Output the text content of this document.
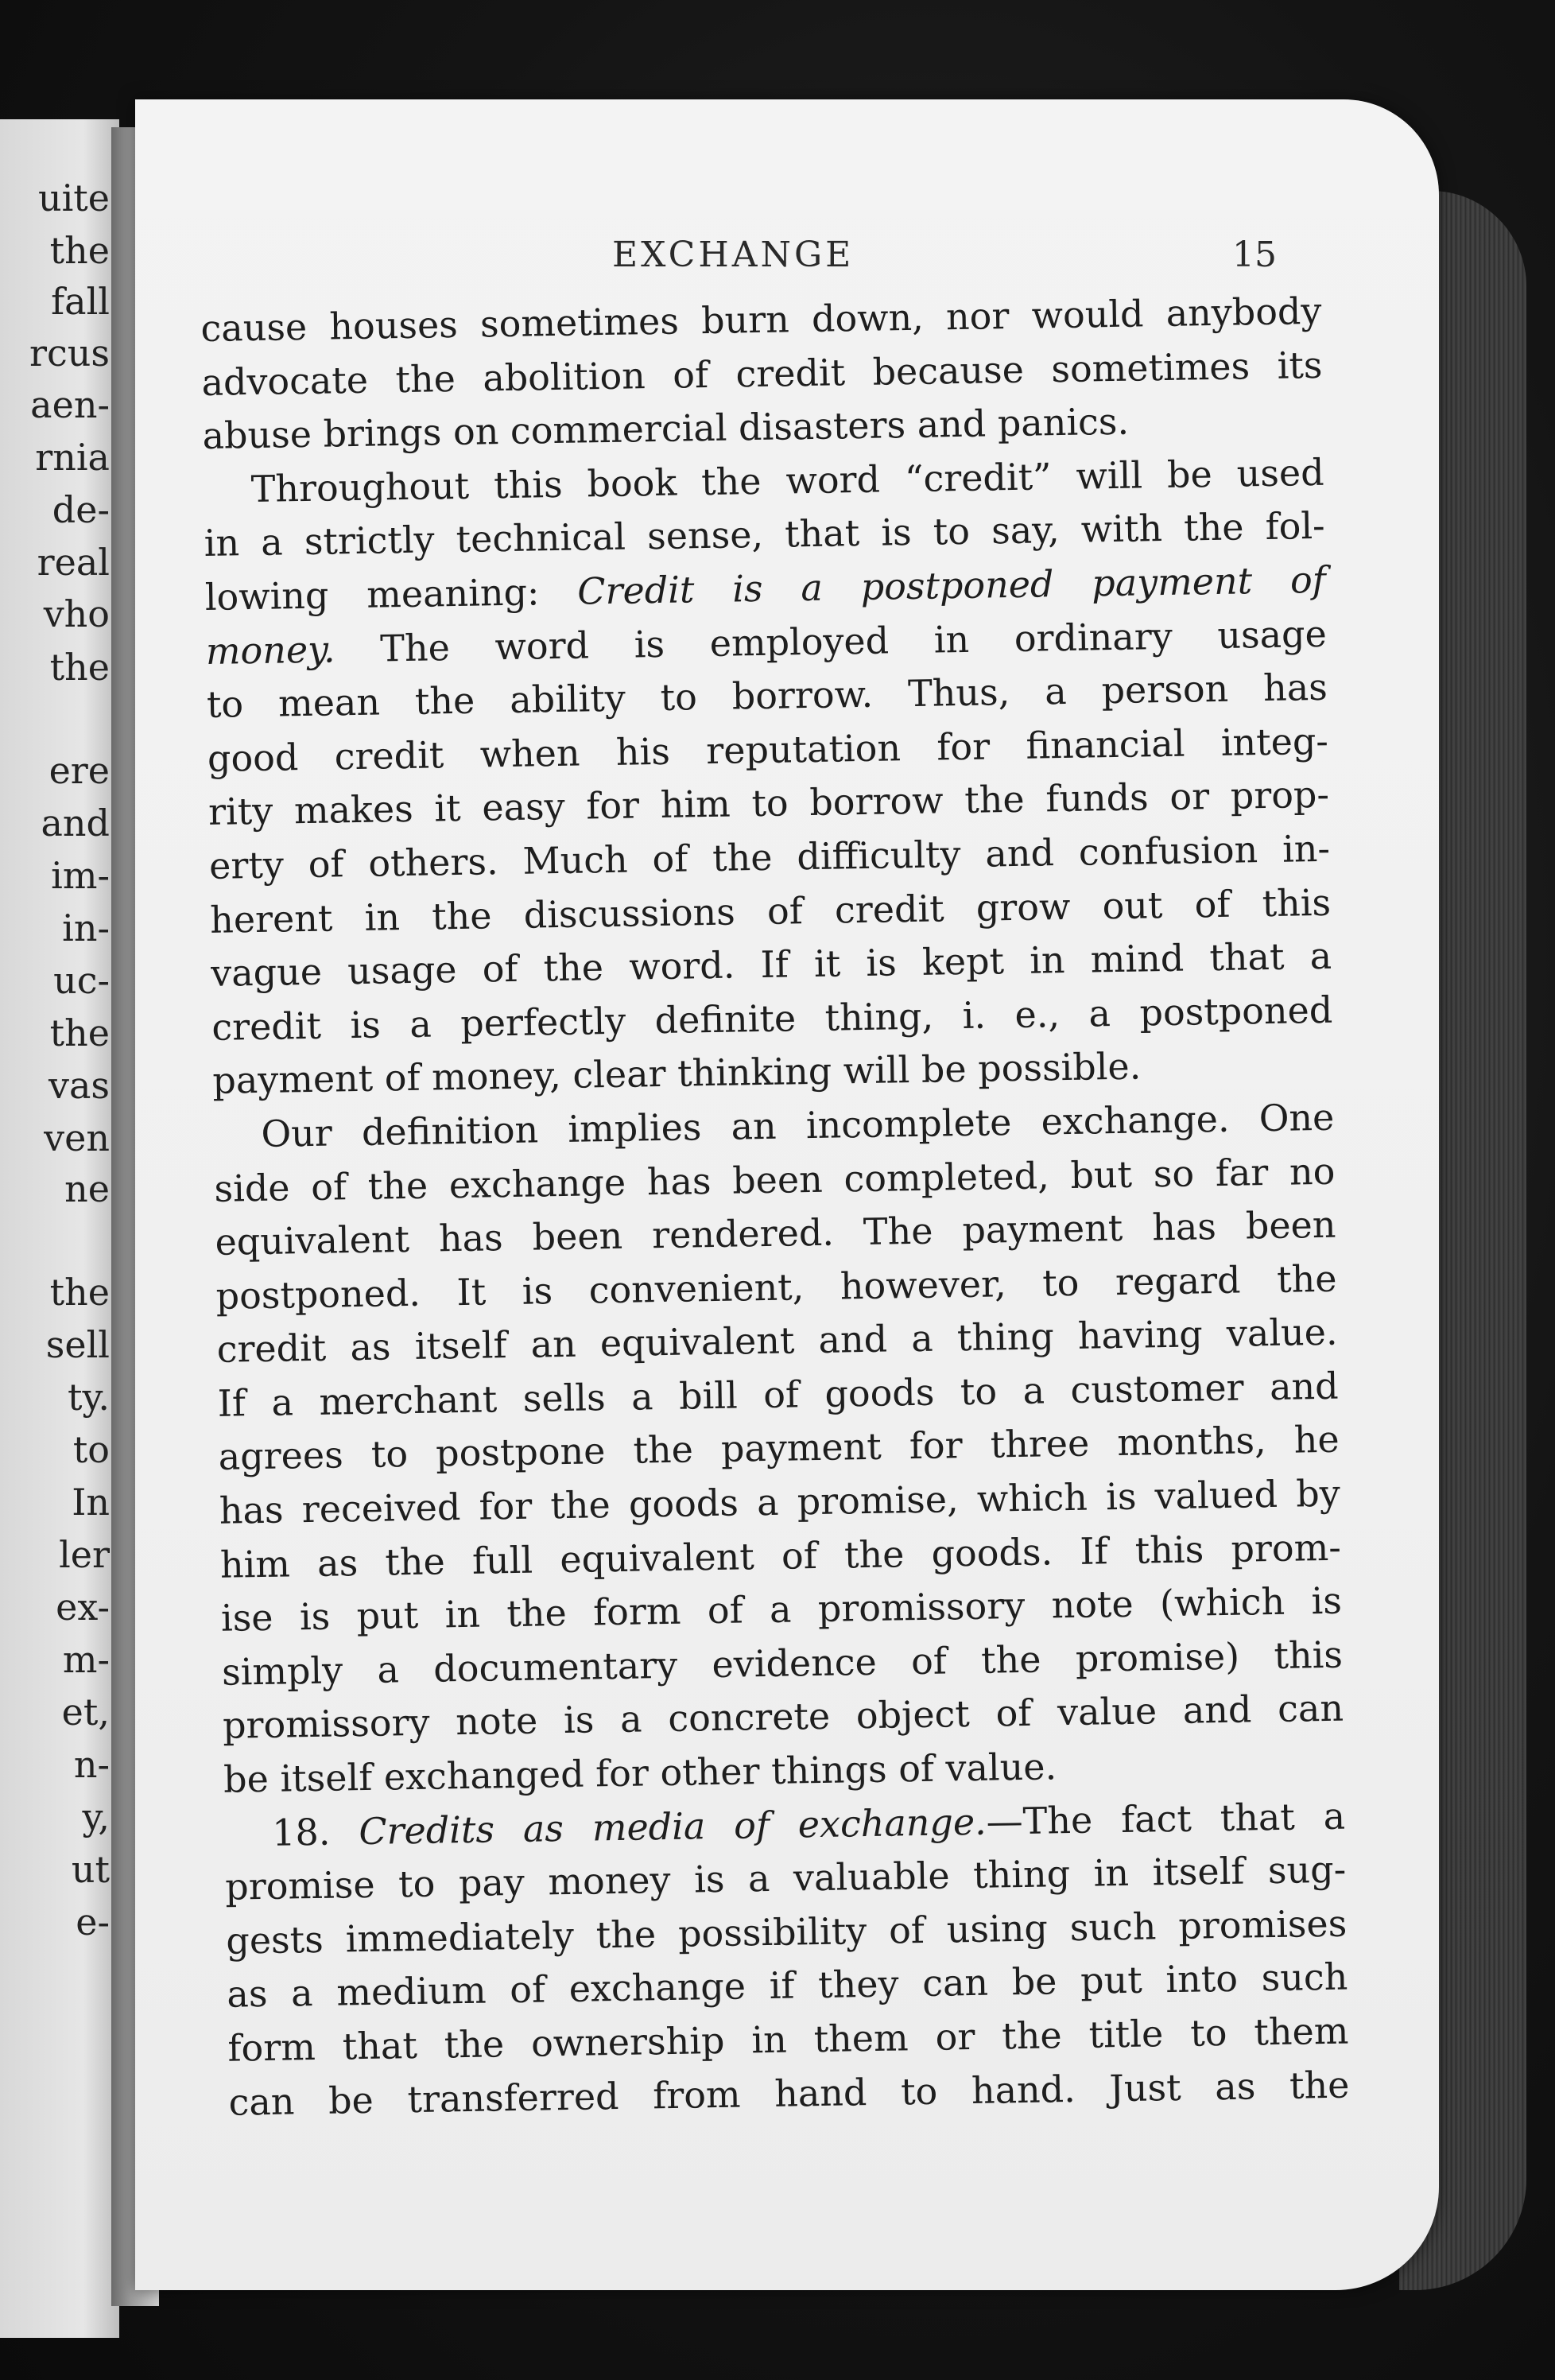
uite
the
fall
rcus
aen-
rnia
de-
real
vho
the
ere
and
im-
in-
uc-
the
vas
ven
ne
the
sell
ty.
to
In
ler
ex-
m-
et,
n-
y,
ut
e-
EXCHANGE	15

cause houses sometimes burn down, nor would anybody
advocate the abolition of credit because sometimes its
abuse brings on commercial disasters and panics.

Throughout this book the word “credit” will be used
in a strictly technical sense, that is to say, with the fol-
lowing meaning: Credit is a postponed payment of
money. The word is employed in ordinary usage
to mean the ability to borrow. Thus, a person has
good credit when his reputation for financial integ-
rity makes it easy for him to borrow the funds or prop-
erty of others. Much of the difficulty and confusion in-
herent in the discussions of credit grow out of this
vague usage of the word. If it is kept in mind that a
credit is a perfectly definite thing, i. e., a postponed
payment of money, clear thinking will be possible.

Our definition implies an incomplete exchange. One
side of the exchange has been completed, but so far no
equivalent has been rendered. The payment has been
postponed. It is convenient, however, to regard the
credit as itself an equivalent and a thing having value.
If a merchant sells a bill of goods to a customer and
agrees to postpone the payment for three months, he
has received for the goods a promise, which is valued by
him as the full equivalent of the goods. If this prom-
ise is put in the form of a promissory note (which is
simply a documentary evidence of the promise) this
promissory note is a concrete object of value and can
be itself exchanged for other things of value.

18. Credits as media of exchange.—The fact that a
promise to pay money is a valuable thing in itself sug-
gests immediately the possibility of using such promises
as a medium of exchange if they can be put into such
form that the ownership in them or the title to them
can be transferred from hand to hand. Just as the
